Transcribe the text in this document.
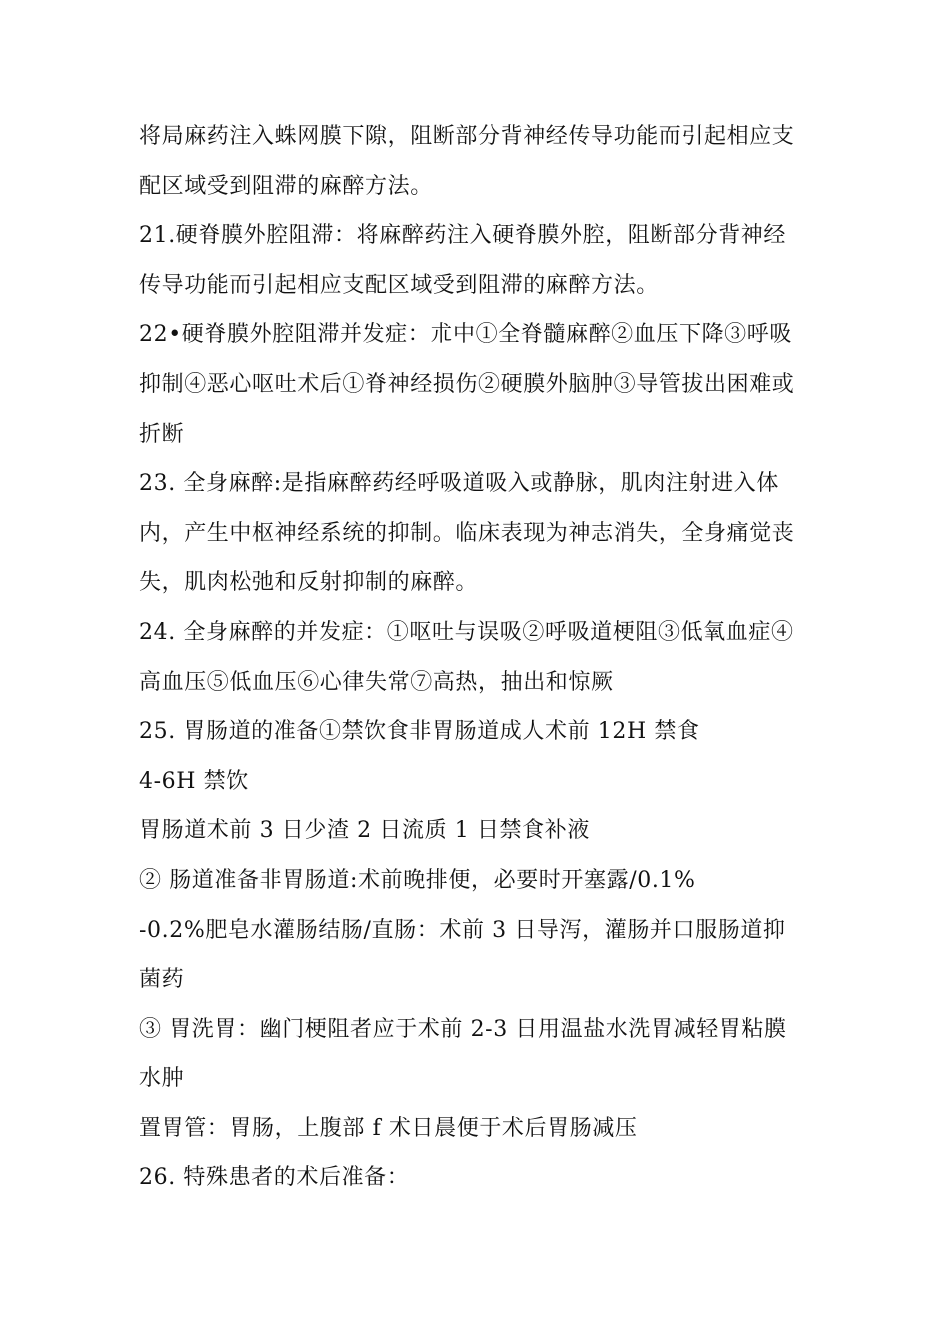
将局麻药注入蛛网膜下隙，阻断部分背神经传导功能而引起相应支
配区域受到阻滞的麻醉方法。
21.硬脊膜外腔阻滞：将麻醉药注入硬脊膜外腔，阻断部分背神经
传导功能而引起相应支配区域受到阻滞的麻醉方法。
22•硬脊膜外腔阻滞并发症：朮中①全脊髓麻醉②血压下降③呼吸
抑制④恶心呕吐术后①脊神经损伤②硬膜外脑肿③导管拔出困难或
折断
23. 全身麻醉:是指麻醉药经呼吸道吸入或静脉，肌肉注射进入体
内，产生中枢神经系统的抑制。临床表现为神志消失，全身痛觉丧
失，肌肉松弛和反射抑制的麻醉。
24. 全身麻醉的并发症：①呕吐与误吸②呼吸道梗阻③低氧血症④
高血压⑤低血压⑥心律失常⑦高热，抽出和惊厥
25. 胃肠道的准备①禁饮食非胃肠道成人术前 12H 禁食
4-6H 禁饮
胃肠道术前 3 日少渣 2 日流质 1 日禁食补液
② 肠道准备非胃肠道:术前晚排便，必要时开塞露/0.1%
-0.2%肥皂水灌肠结肠/直肠：术前 3 日导泻，灌肠并口服肠道抑
菌药
③ 胃洗胃：幽门梗阻者应于术前 2-3 日用温盐水洗胃减轻胃粘膜
水肿
置胃管：胃肠，上腹部 f 术日晨便于术后胃肠减压
26. 特殊患者的术后准备：
